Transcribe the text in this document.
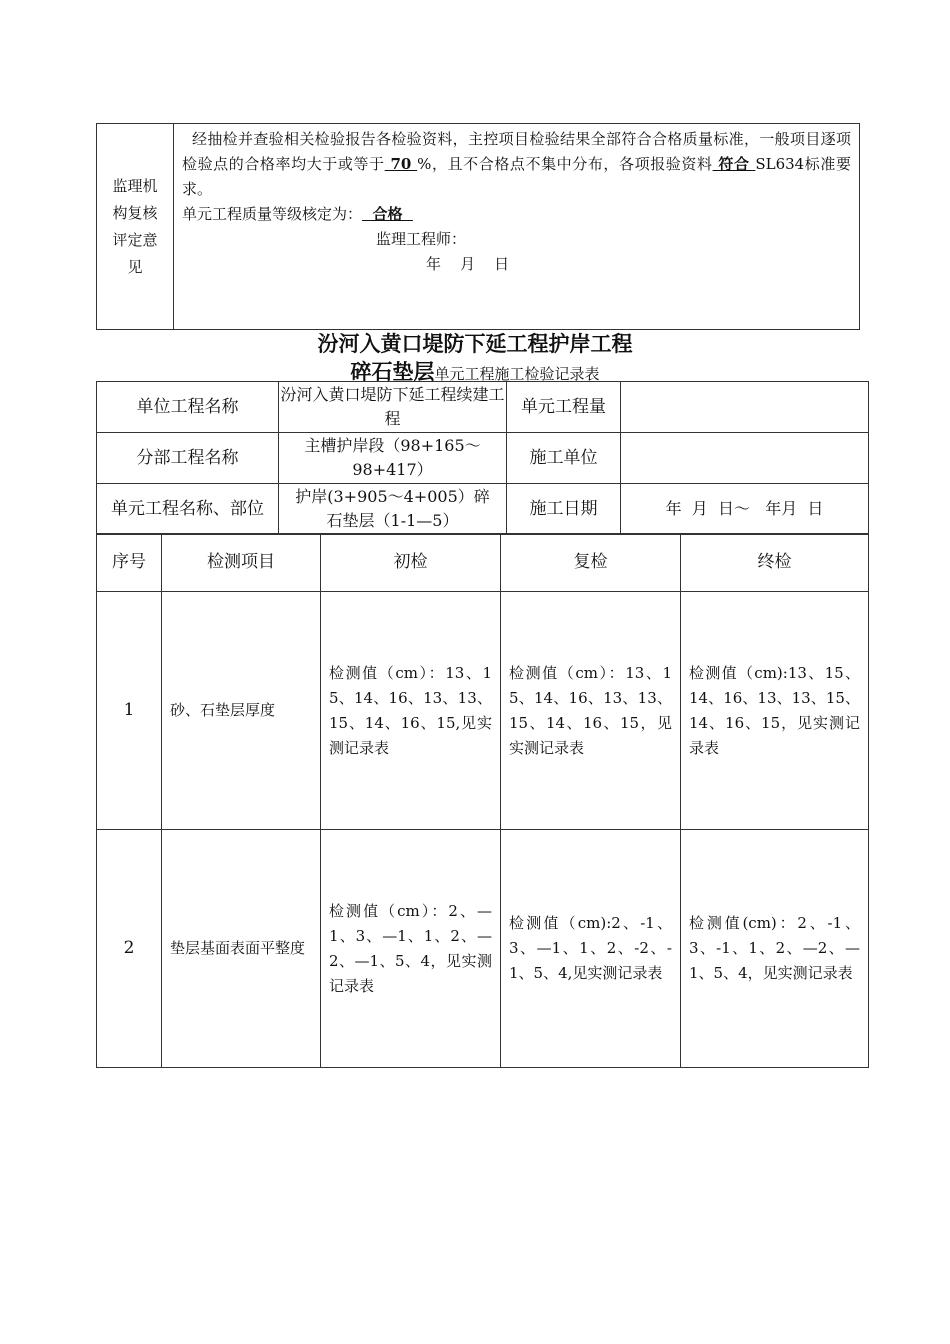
监理机构复核评定意见

经抽检并查验相关检验报告各检验资料，主控项目检验结果全部符合合格质量标准，一般项目逐项检验点的合格率均大于或等于 70 %，且不合格点不集中分布，各项报验资料 符合 SL634标准要求。
单元工程质量等级核定为：  合格
监理工程师：
年    月    日
汾河入黄口堤防下延工程护岸工程
碎石垫层单元工程施工检验记录表
单位工程名称	汾河入黄口堤防下延工程续建工程	单元工程量	
分部工程名称	主槽护岸段（98+165～98+417）	施工单位	
单元工程名称、部位	护岸(3+905～4+005）碎石垫层（1-1—5）	施工日期	年  月  日～   年月  日
序号	检测项目	初检	复检	终检
1	砂、石垫层厚度	检测值（cm）：13、15、14、16、13、13、15、14、16、15,见实测记录表	检测值（cm）：13、15、14、16、13、13、15、14、16、15，见实测记录表	检测值（cm):13、15、14、16、13、13、15、14、16、15，见实测记录表
2	垫层基面表面平整度	检测值（cm）：2、—1、3、—1、1、2、—2、—1、5、4，见实测记录表	检测值（cm):2、-1、3、—1、1、2、-2、-1、5、4,见实测记录表	检测值(cm)：2、-1、3、-1、1、2、—2、—1、5、4，见实测记录表
